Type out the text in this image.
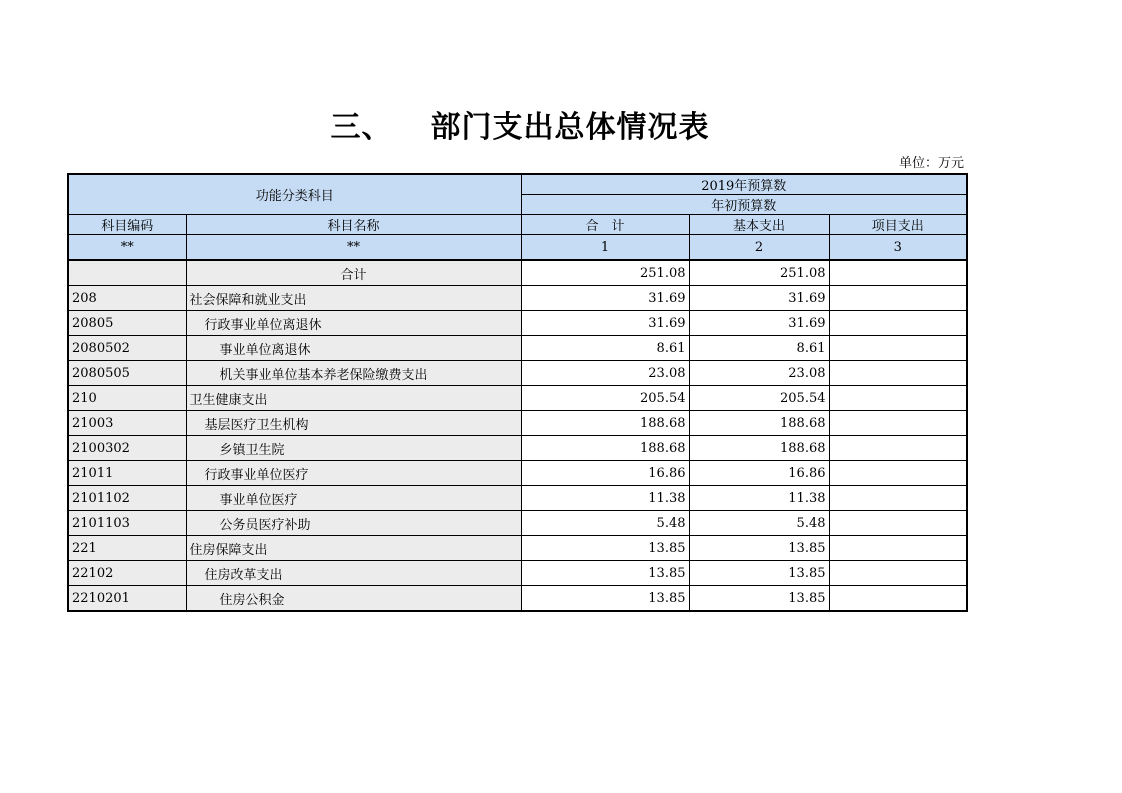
三、 部门支出总体情况表
单位：万元
功能分类科目		2019年预算数		
		年初预算数		
科目编码	科目名称	合　计	基本支出	项目支出
**	**	1	2	3
	合计	251.08	251.08	
208	社会保障和就业支出	31.69	31.69	
20805	行政事业单位离退休	31.69	31.69	
2080502	事业单位离退休	8.61	8.61	
2080505	机关事业单位基本养老保险缴费支出	23.08	23.08	
210	卫生健康支出	205.54	205.54	
21003	基层医疗卫生机构	188.68	188.68	
2100302	乡镇卫生院	188.68	188.68	
21011	行政事业单位医疗	16.86	16.86	
2101102	事业单位医疗	11.38	11.38	
2101103	公务员医疗补助	5.48	5.48	
221	住房保障支出	13.85	13.85	
22102	住房改革支出	13.85	13.85	
2210201	住房公积金	13.85	13.85	
